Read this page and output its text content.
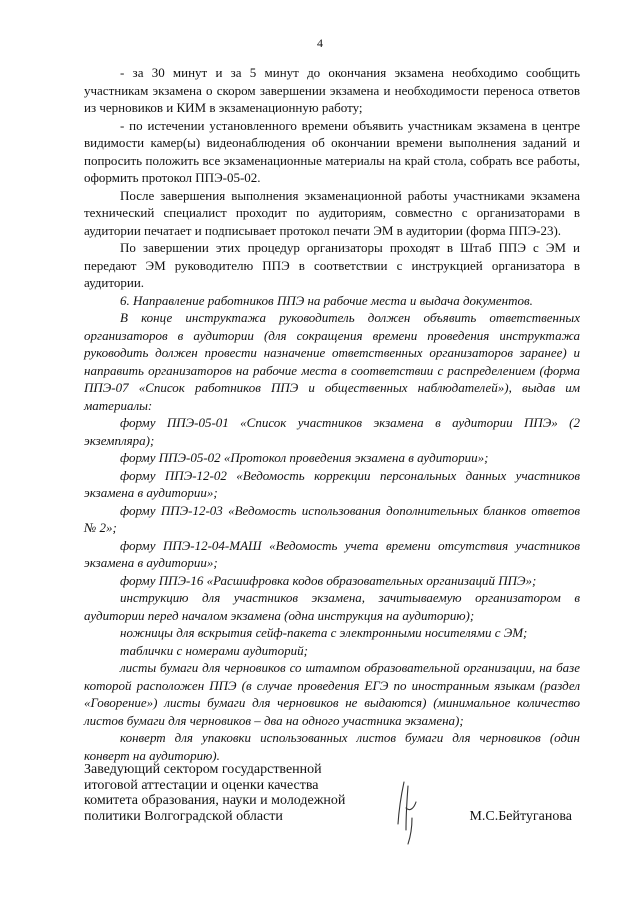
4

- за 30 минут и за 5 минут до окончания экзамена необходимо сообщить участникам экзамена о скором завершении экзамена и необходимости переноса ответов из черновиков и КИМ в экзаменационную работу;

- по истечении установленного времени объявить участникам экзамена в центре видимости камер(ы) видеонаблюдения об окончании времени выполнения заданий и попросить положить все экзаменационные материалы на край стола, собрать все работы, оформить протокол ППЭ-05-02.

После завершения выполнения экзаменационной работы участниками экзамена технический специалист проходит по аудиториям, совместно с организаторами в аудитории печатает и подписывает протокол печати ЭМ в аудитории (форма ППЭ-23).

По завершении этих процедур организаторы проходят в Штаб ППЭ с ЭМ и передают ЭМ руководителю ППЭ в соответствии с инструкцией организатора в аудитории.

6. Направление работников ППЭ на рабочие места и выдача документов.

В конце инструктажа руководитель должен объявить ответственных организаторов в аудитории (для сокращения времени проведения инструктажа руководить должен провести назначение ответственных организаторов заранее) и направить организаторов на рабочие места в соответствии с распределением (форма ППЭ-07 «Список работников ППЭ и общественных наблюдателей»), выдав им материалы:

форму ППЭ-05-01 «Список участников экзамена в аудитории ППЭ» (2 экземпляра);

форму ППЭ-05-02 «Протокол проведения экзамена в аудитории»;

форму ППЭ-12-02 «Ведомость коррекции персональных данных участников экзамена в аудитории»;

форму ППЭ-12-03 «Ведомость использования дополнительных бланков ответов № 2»;

форму ППЭ-12-04-МАШ «Ведомость учета времени отсутствия участников экзамена в аудитории»;

форму ППЭ-16 «Расшифровка кодов образовательных организаций ППЭ»;

инструкцию для участников экзамена, зачитываемую организатором в аудитории перед началом экзамена (одна инструкция на аудиторию);

ножницы для вскрытия сейф-пакета с электронными носителями с ЭМ;

таблички с номерами аудиторий;

листы бумаги для черновиков со штампом образовательной организации, на базе которой расположен ППЭ (в случае проведения ЕГЭ по иностранным языкам (раздел «Говорение») листы бумаги для черновиков не выдаются) (минимальное количество листов бумаги для черновиков – два на одного участника экзамена);

конверт для упаковки использованных листов бумаги для черновиков (один конверт на аудиторию).

Заведующий сектором государственной
итоговой аттестации и оценки качества
комитета образования, науки и молодежной
политики Волгоградской области	М.С.Бейтуганова
